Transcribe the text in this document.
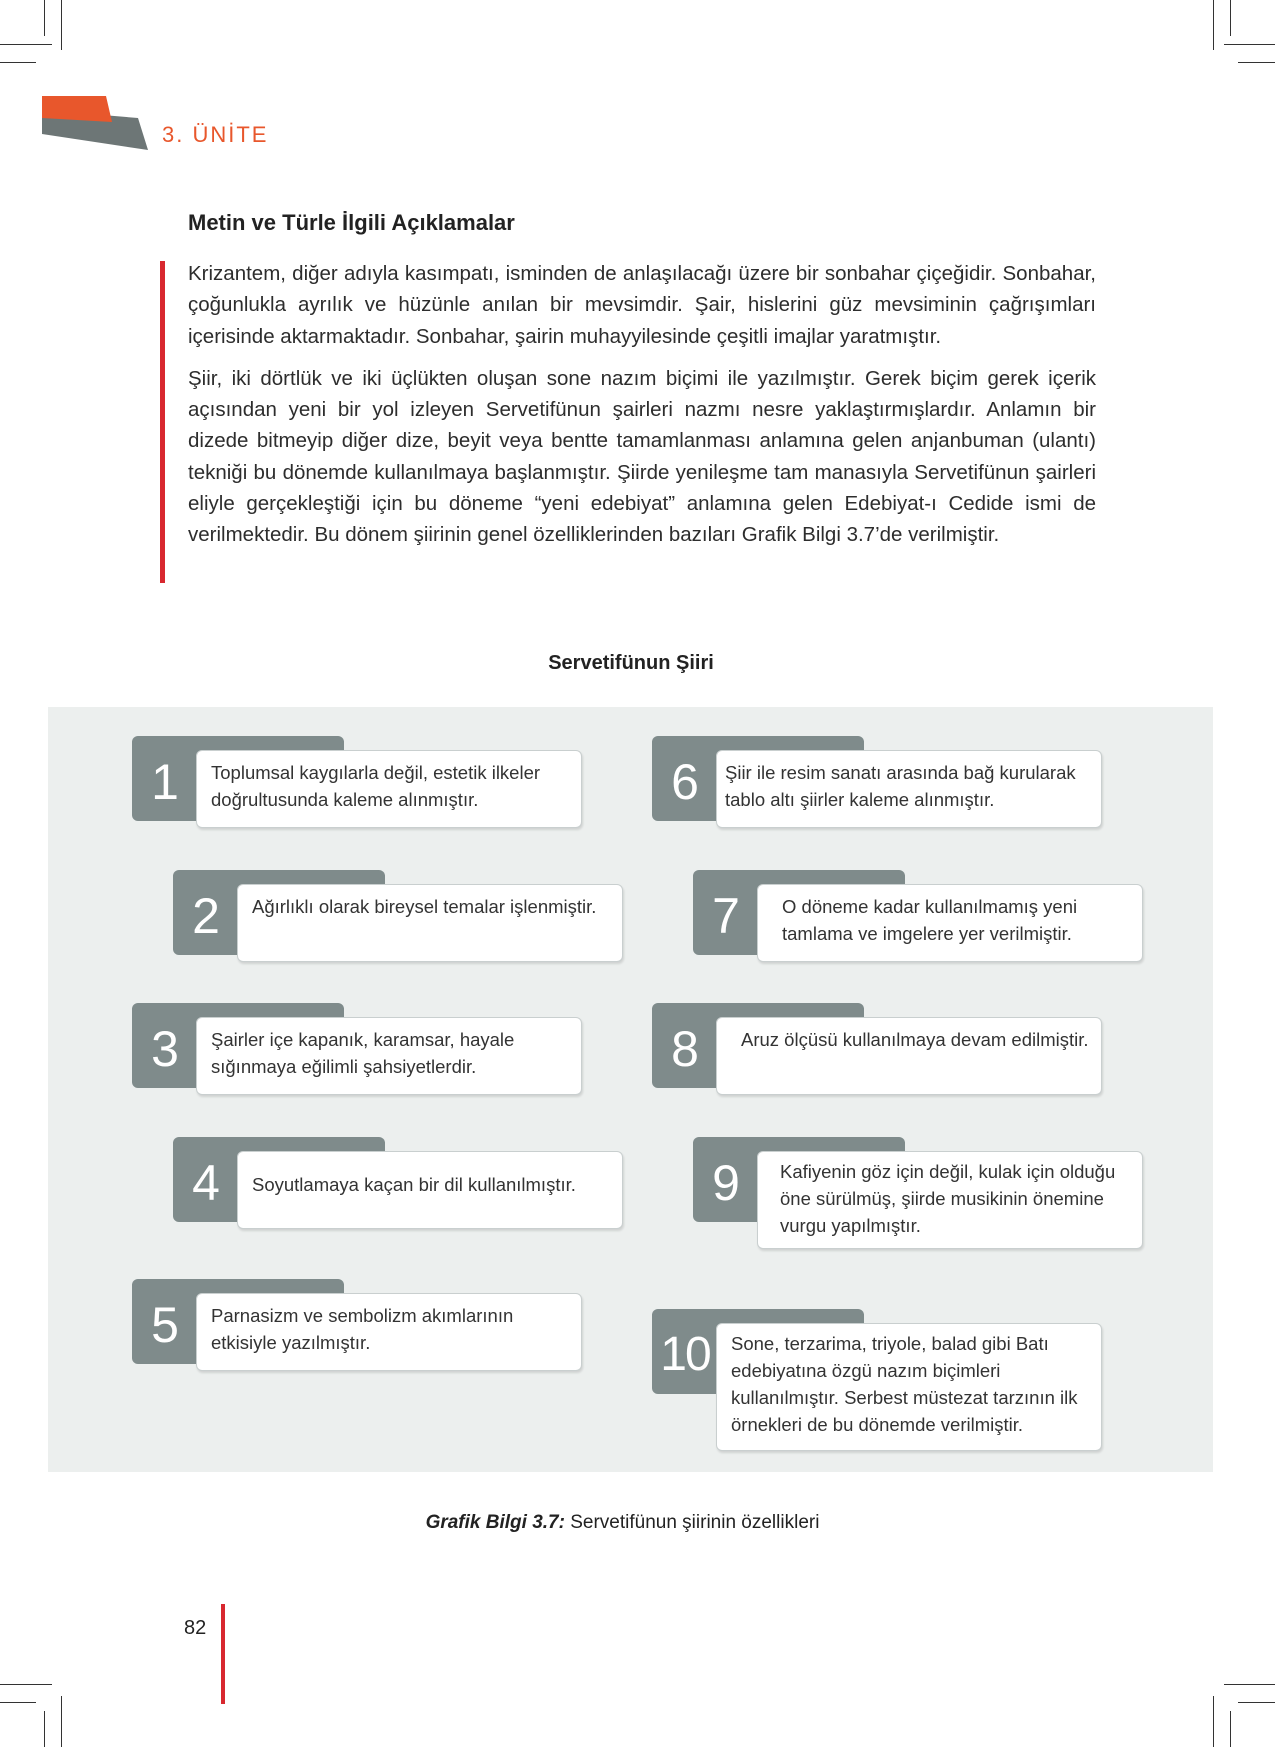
3. ÜNİTE
Metin ve Türle İlgili Açıklamalar

Krizantem, diğer adıyla kasımpatı, isminden de anlaşılacağı üzere bir sonbahar çiçeğidir. Sonbahar, çoğunlukla ayrılık ve hüzünle anılan bir mevsimdir. Şair, hislerini güz mevsiminin çağrışımları içerisinde aktarmaktadır. Sonbahar, şairin muhayyilesinde çeşitli imajlar yaratmıştır.

Şiir, iki dörtlük ve iki üçlükten oluşan sone nazım biçimi ile yazılmıştır. Gerek biçim gerek içerik açısından yeni bir yol izleyen Servetifünun şairleri nazmı nesre yaklaştırmışlardır. Anlamın bir dizede bitmeyip diğer dize, beyit veya bentte tamamlanması anlamına gelen anjanbuman (ulantı) tekniği bu dönemde kullanılmaya başlanmıştır. Şiirde yenileşme tam manasıyla Servetifünun şairleri eliyle gerçekleştiği için bu döneme “yeni edebiyat” anlamına gelen Edebiyat-ı Cedide ismi de verilmektedir. Bu dönem şiirinin genel özelliklerinden bazıları Grafik Bilgi 3.7’de verilmiştir.

Servetifünun Şiiri
1	Toplumsal kaygılarla değil, estetik ilkeler doğrultusunda kaleme alınmıştır.
2	Ağırlıklı olarak bireysel temalar işlenmiştir.
3	Şairler içe kapanık, karamsar, hayale sığınmaya eğilimli şahsiyetlerdir.
4	Soyutlamaya kaçan bir dil kullanılmıştır.
5	Parnasizm ve sembolizm akımlarının etkisiyle yazılmıştır.
6	Şiir ile resim sanatı arasında bağ kurularak tablo altı şiirler kaleme alınmıştır.
7	O döneme kadar kullanılmamış yeni tamlama ve imgelere yer verilmiştir.
8	Aruz ölçüsü kullanılmaya devam edilmiştir.
9	Kafiyenin göz için değil, kulak için olduğu öne sürülmüş, şiirde musikinin önemine vurgu yapılmıştır.
10	Sone, terzarima, triyole, balad gibi Batı edebiyatına özgü nazım biçimleri kullanılmıştır. Serbest müstezat tarzının ilk örnekleri de bu dönemde verilmiştir.
Grafik Bilgi 3.7: Servetifünun şiirinin özellikleri
82
